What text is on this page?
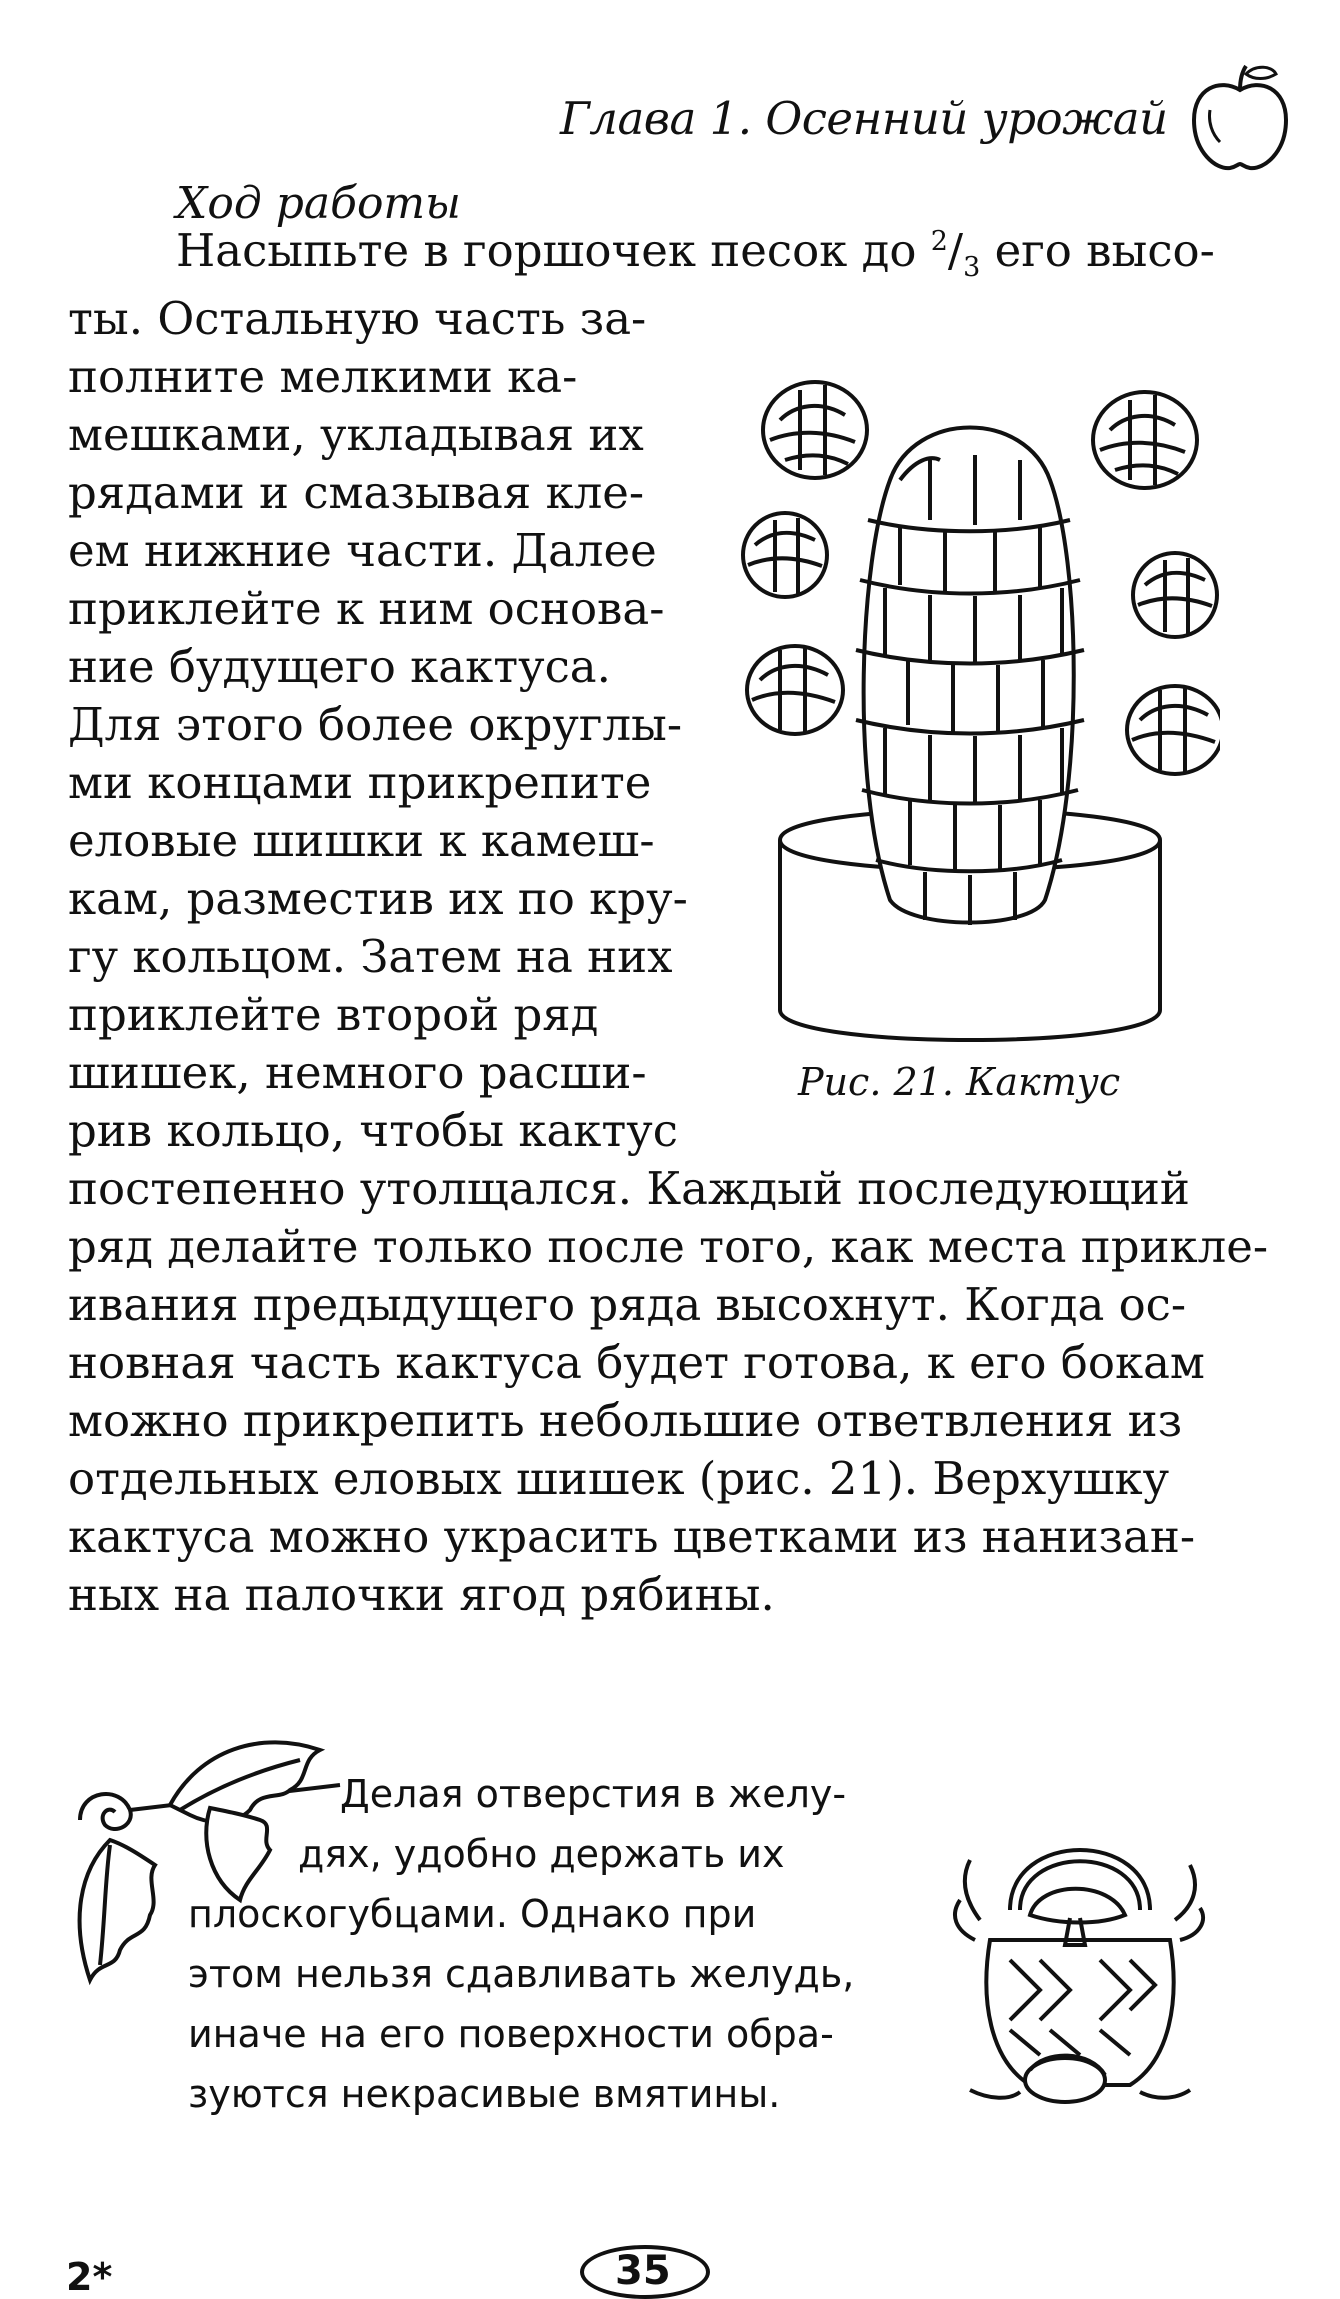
Глава 1. Осенний урожай
Ход работы
Насыпьте в горшочек песок до $^2/_3$ его высо-
ты. Остальную часть за-
полните мелкими ка-
мешками, укладывая их
рядами и смазывая кле-
ем нижние части. Далее
приклейте к ним основа-
ние будущего кактуса.
Для этого более округлы-
ми концами прикрепите
еловые шишки к камеш-
кам, разместив их по кру-
гу кольцом. Затем на них
приклейте второй ряд
шишек, немного расши-
рив кольцо, чтобы кактус
постепенно утолщался. Каждый последующий
ряд делайте только после того, как места прикле-
ивания предыдущего ряда высохнут. Когда ос-
новная часть кактуса будет готова, к его бокам
можно прикрепить небольшие ответвления из
отдельных еловых шишек (рис. 21). Верхушку
кактуса можно украсить цветками из нанизан-
ных на палочки ягод рябины.
Рис. 21. Кактус
Делая отверстия в желу-
дях, удобно держать их
плоскогубцами. Однако при
этом нельзя сдавливать желудь,
иначе на его поверхности обра-
зуются некрасивые вмятины.
35
2*
